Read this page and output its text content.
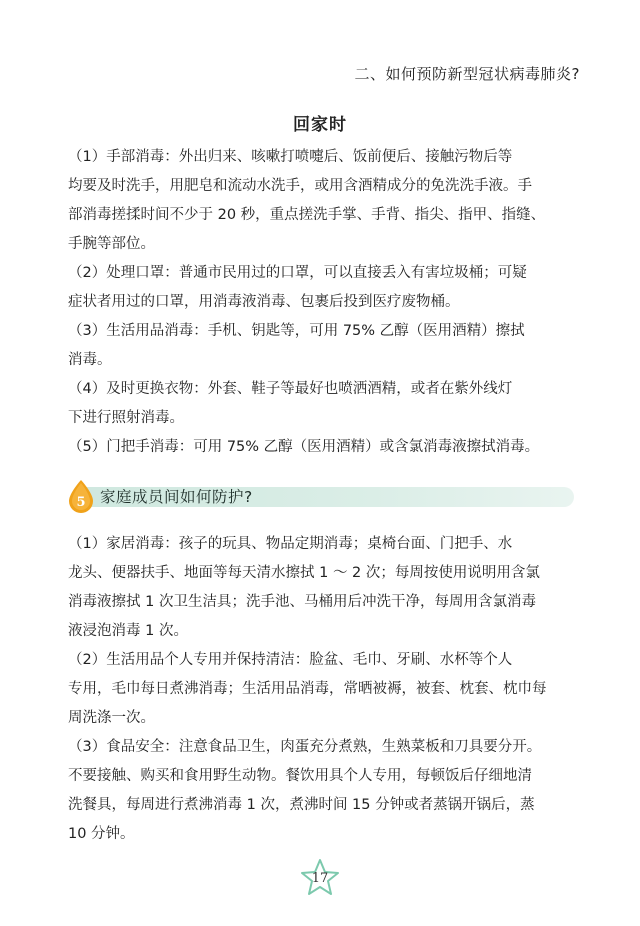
二、如何预防新型冠状病毒肺炎?
回家时
（1）手部消毒：外出归来、咳嗽打喷嚏后、饭前便后、接触污物后等
均要及时洗手，用肥皂和流动水洗手，或用含酒精成分的免洗洗手液。手
部消毒搓揉时间不少于 20 秒，重点搓洗手掌、手背、指尖、指甲、指缝、
手腕等部位。
（2）处理口罩：普通市民用过的口罩，可以直接丢入有害垃圾桶；可疑
症状者用过的口罩，用消毒液消毒、包裹后投到医疗废物桶。
（3）生活用品消毒：手机、钥匙等，可用 75% 乙醇（医用酒精）擦拭
消毒。
（4）及时更换衣物：外套、鞋子等最好也喷洒酒精，或者在紫外线灯
下进行照射消毒。
（5）门把手消毒：可用 75% 乙醇（医用酒精）或含氯消毒液擦拭消毒。
5 家庭成员间如何防护?
（1）家居消毒：孩子的玩具、物品定期消毒；桌椅台面、门把手、水
龙头、便器扶手、地面等每天清水擦拭 1 ～ 2 次；每周按使用说明用含氯
消毒液擦拭 1 次卫生洁具；洗手池、马桶用后冲洗干净，每周用含氯消毒
液浸泡消毒 1 次。
（2）生活用品个人专用并保持清洁：脸盆、毛巾、牙刷、水杯等个人
专用，毛巾每日煮沸消毒；生活用品消毒，常晒被褥，被套、枕套、枕巾每
周洗涤一次。
（3）食品安全：注意食品卫生，肉蛋充分煮熟，生熟菜板和刀具要分开。
不要接触、购买和食用野生动物。餐饮用具个人专用，每顿饭后仔细地清
洗餐具，每周进行煮沸消毒 1 次，煮沸时间 15 分钟或者蒸锅开锅后，蒸
10 分钟。
17
